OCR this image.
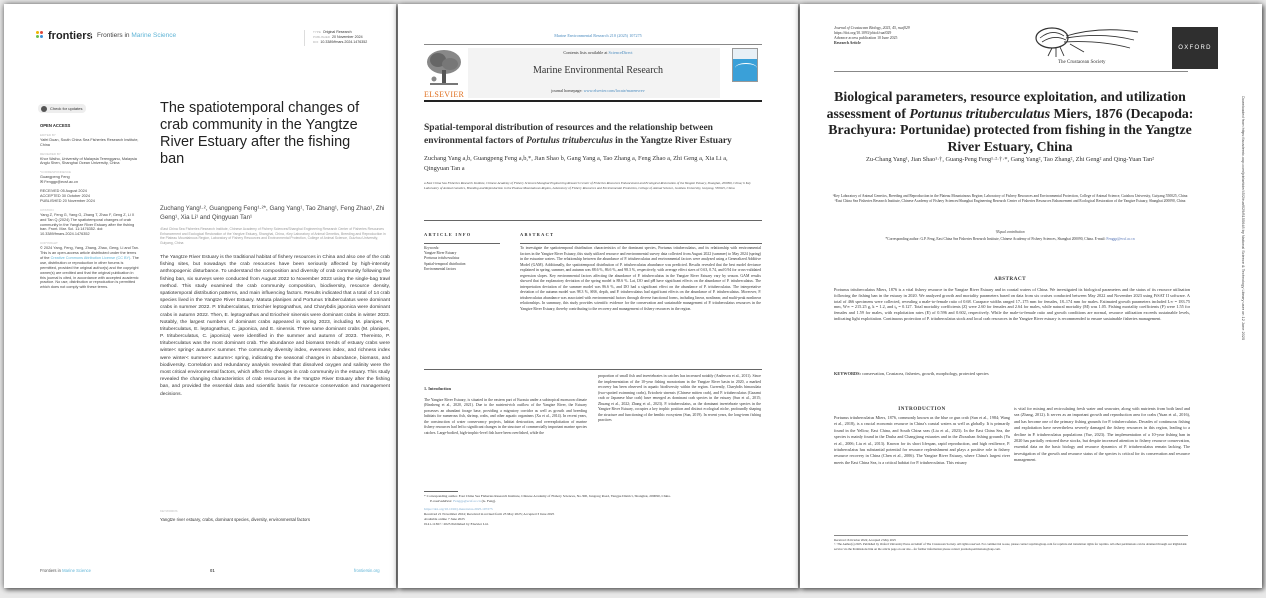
frontiers Frontiers in Marine Science	TYPE Original Research
PUBLISHED 20 November 2024
DOI 10.3389/fmars.2024.1476352
Check for updates
OPEN ACCESS
EDITED BY
Yafei Duan, South China Sea Fisheries Research Institute, China
REVIEWED BY
Khor Waiho, University of Malaysia Terengganu, Malaysia
Anglu Shen, Shanghai Ocean University, China
*CORRESPONDENCE
Guangpeng Feng
✉ Fenggp@ecsf.ac.cn
RECEIVED 05 August 2024
ACCEPTED 30 October 2024
PUBLISHED 20 November 2024
CITATION
Yang Z, Feng G, Yang G, Zhang T, Zhao F, Geng Z, Li X and Tan Q (2024) The spatiotemporal changes of crab community in the Yangtze River Estuary after the fishing ban. Front. Mar. Sci. 11:1476352. doi: 10.3389/fmars.2024.1476352
COPYRIGHT
© 2024 Yang, Feng, Yang, Zhang, Zhao, Geng, Li and Tan. This is an open-access article distributed under the terms of the Creative Commons Attribution License (CC BY). The use, distribution or reproduction in other forums is permitted, provided the original author(s) and the copyright owner(s) are credited and that the original publication in this journal is cited, in accordance with accepted academic practice. No use, distribution or reproduction is permitted which does not comply with these terms.
The spatiotemporal changes of crab community in the Yangtze River Estuary after the fishing ban
Zuchang Yang¹·², Guangpeng Feng¹·²*, Gang Yang¹, Tao Zhang¹, Feng Zhao¹, Zhi Geng¹, Xia Li¹ and Qingyuan Tan¹
¹East China Sea Fisheries Research Institute, Chinese Academy of Fishery Sciences/Shanghai Engineering Research Center of Fisheries Resources Enhancement and Ecological Restoration of the Yangtze Estuary, Shanghai, China, ²Key Laboratory of Animal Genetics, Breeding and Reproduction in the Plateau Mountainous Region, Laboratory of Fishery Resources and Environmental Protection, College of Animal Science, Guizhou University, Guiyang, China

The Yangtze River Estuary is the traditional habitat of fishery resources in China and also one of the crab fishing sites, but nowadays the crab resources have been seriously affected by high-intensity anthropogenic disturbance. To understand the composition and diversity of crab community following the fishing ban, six surveys were conducted from August 2022 to November 2023 using the single-bag trawl method. This study examined the crab community composition, biodiversity, resource density, spatiotemporal distribution patterns, and main influencing factors. Results indicated that a total of 14 crab species lived in the Yangtze River Estuary. Matuta planipes and Portunus trituberculatus were dominant crabs in summer 2022. P. trituberculatus, Eriochier leptognathus, and Charybdis japonica were dominant crabs in autumn 2022. Then, E. leptognathus and Eriocheir sinensis were dominant crabs in winter 2023. Notably, the largest numbers of dominant crabs appeared in spring 2023, including M. planipes, P. trituberculatus, E. leptognathus, C. japonica, and E. sinensis. Three same dominant crabs (M. planipes, P. trituberculatus, C. japonica) were identified in the summer and autumn of 2023. Thereinto, P. trituberculatus was the most dominant crab. The abundance and biomass trends of estuary crabs were winter< spring< autumn< summer. The community diversity index, evenness index, and richness index were winter< summer< autumn< spring, indicating the seasonal changes in abundance, biomass, and biodiversity. Correlation and redundancy analysis revealed that dissolved oxygen and salinity were the most critical environmental factors, which affect the changes in crab community in the estuary. This study revealed the changing characteristics of crab resources in the Yangtze River Estuary after the fishing ban, and provided the essential data and scientific basis for resource conservation and management decisions.

KEYWORDS
Yangtze river estuary, crabs, dominant species, diversity, environmental factors
Frontiers in Marine Science	01	frontiersin.org
Marine Environmental Research 210 (2025) 107275
ELSEVIER
Contents lists available at ScienceDirect
Marine Environmental Research
journal homepage: www.elsevier.com/locate/marenvrev
Spatial-temporal distribution of resources and the relationship between environmental factors of Portulus trituberculus in the Yangtze River Estuary
Zuchang Yang a,b, Guangpeng Feng a,b,*, Jian Shao b, Gang Yang a, Tao Zhang a, Feng Zhao a, Zhi Geng a, Xia Li a, Qingyuan Tan a
a East China Sea Fisheries Research Institute, Chinese Academy of Fishery Sciences/Shanghai Engineering Research Center of Fisheries Resources Enhancement and Ecological Restoration of the Yangtze Estuary, Shanghai, 200090, China; b Key Laboratory of Animal Genetics, Breeding and Reproduction in the Plateau Mountainous Region, Laboratory of Fishery Resources and Environmental Protection, College of Animal Science, Guizhou University, Guiyang, 550025, China
ARTICLE INFO
Keywords:
Yangtze River Estuary
Portunus trituberculatus
Spatial-temporal distribution
Environmental factors
ABSTRACT

To investigate the spatiotemporal distribution characteristics of the dominant species, Portunus trituberculatus, and its relationship with environmental factors in the Yangtze River Estuary, this study utilized resource and environmental survey data collected from August 2022 (summer) to May 2024 (spring) in the estuarine waters. The relationship between the abundance of P. trituberculatus and environmental factors were analyzed using a Generalized Additive Model (GAM). Additionally, the spatiotemporal distribution of P. trituberculatus abundance was predicted. Results revealed that the best model deviance explained in spring, summer, and autumn was 88.6 %, 86.6 %, and 98.3 %, respectively, with average effect sizes of 0.63, 0.74, and 0.94 for cross-validated regression slopes. Key environmental factors affecting the abundance of P. trituberculatus in the Yangtze River Estuary vary by season. GAM results showed that the explanatory deviation of the spring model is 88.6 %. Lat, DO and pH have significant effects on the abundance of P. trituberculatus. The interpretation deviation of the summer model was 86.6 %, and DO had a significant effect on the abundance of P. trituberculatus. The interpretative deviation of the autumn model was 98.3 %, SBS, depth, and P. trituberculatus had significant effects on the abundance of P. trituberculatus. Moreover, P. trituberculatus abundance was associated with environmental factors through diverse functional forms, including linear, nonlinear, and multi-peak nonlinear relationships. In summary, this study provides scientific evidence for the conservation and sustainable management of P. trituberculatus resources in the Yangtze River Estuary, thereby contributing to the recovery and management of fishery resources in the region.

1. Introduction
The Yangtze River Estuary, is situated in the eastern part of Eurasia under a subtropical monsoon climate (Binsheng et al., 2020, 2021). Due to the nutrient-rich outflow of the Yangtze River, the Estuary possesses an abundant forage base, providing a migratory corridor as well as growth and breeding habitats for numerous fish, shrimp, crabs, and other aquatic organisms (Xu et al., 2014). In recent years, the construction of water conservancy projects, habitat destruction, and overexploitation of marine fishery resources had led to significant changes in the structure of commercially important marine species catches. Large-bodied, high-trophic-level fish have been overfished, while the
proportion of small fish and invertebrates in catches has increased notably (Anderson et al., 2011). Since the implementation of the 10-year fishing moratorium in the Yangtze River basin in 2020, a marked recovery has been observed in aquatic biodiversity within the region. Currently, Charybdis bimaculata (two-spotted swimming crabs), Eriocheir sinensis (Chinese mitten crab), and P. trituberculatus (Gazami crab or Japanese blue crab) have emerged as dominant crab species in the estuary (Sun et al., 2015; Zhuang et al., 2022; Zhang et al., 2023). P. trituberculatus, as the dominant invertebrate species in the Yangtze River Estuary, occupies a key trophic position and distinct ecological niche, profoundly shaping the structure and functioning of the benthic ecosystem (Sun, 2019). In recent years, the long-term fishing practices
* Corresponding author. East China Sea Fisheries Research Institute, Chinese Academy of Fishery Sciences, No.300, Jungong Road, Yangpu District, Shanghai, 200090, China.
E-mail address: Fenggp@ecsf.ac.cn (G. Feng).
https://doi.org/10.1016/j.marenvres.2025.107275
Received 21 November 2024; Received in revised form 23 May 2025; Accepted 3 June 2025
Available online 7 June 2025
0141-1136/© 2025 Published by Elsevier Ltd.
Journal of Crustacean Biology, 2025, 45, ruaf029
https://doi.org/10.1093/jcbiol/ruaf029
Advance access publication 10 June 2025
Research Article
The Crustacean Society
OXFORD
Biological parameters, resource exploitation, and utilization assessment of Portunus trituberculatus Miers, 1876 (Decapoda: Brachyura: Portunidae) protected from fishing in the Yangtze River Estuary, China
Zu-Chang Yang¹, Jian Shao¹·†, Guang-Peng Feng¹·²·†·*, Gang Yang², Tao Zhang², Zhi Geng² and Qing-Yuan Tan²
¹Key Laboratory of Animal Genetics, Breeding and Reproduction in the Plateau Mountainous Region; Laboratory of Fishery Resources and Environmental Protection, College of Animal Science, Guizhou University, Guiyang 550025, China
²East China Sea Fisheries Research Institute, Chinese Academy of Fishery Sciences/Shanghai Engineering Research Center of Fisheries Resources Enhancement and Ecological Restoration of the Yangtze Estuary, Shanghai 200090, China
†Equal contribution
*Corresponding author: G.P. Feng, East China Sea Fisheries Research Institute, Chinese Academy of Fishery Sciences, Shanghai 200090, China. E-mail: Fenggp@ecsf.ac.cn
ABSTRACT

Portunus trituberculatus Miers, 1876 is a vital fishery resource in the Yangtze River Estuary and in coastal waters of China. We investigated its biological parameters and the status of its resource utilisation following the fishing ban in the estuary in 2020. We analyzed growth and mortality parameters based on data from six cruises conducted between May 2022 and November 2023 using FiSAT II software. A total of 466 specimens were collected, revealing a male-to-female ratio of 0.68. Carapace widths ranged 17–175 mm for females, 18–174 mm for males. Estimated growth parameters included L∞ = 183.75 mm, W∞ = 215.25 g, k = 1.2, and t₀ = 0.127. Total mortality coefficients (Z) were 2.60 for females and 2.64 for males, while natural mortality (M) was 1.05. Fishing mortality coefficients (F) were 1.55 for females and 1.59 for males, with exploitation rates (E) of 0.596 and 0.602, respectively. While the male-to-female ratio and growth conditions are normal, resource utilization exceeds sustainable levels, indicating light exploitation. Continuous protection of P. trituberculatus stock and local crab resources in the Yangtze River estuary is recommended to ensure sustainable fisheries management.

KEYWORDS: conservation, Crustacea, fisheries, growth, morphology, protected species
INTRODUCTION
Portunus trituberculatus Miers, 1876, commonly known as the blue or gun crab (Sun et al., 1984; Wang et al., 2018), is a crucial economic resource in China's coastal waters as well as globally. It is primarily found in the Yellow, East China, and South China seas (Liu et al., 2023). In the East China Sea, the species is mainly found in the Dasha and Changjiang estuaries and in the Zhoushan fishing grounds (Yu et al., 2006; Liu et al., 2013). Known for its short lifespan, rapid reproduction, and high resilience, P. trituberculatus has substantial potential for resource replenishment and plays a positive role in fishery resource recovery in China (Chen et al., 2006). The Yangtze River Estuary, where China's largest river meets the East China Sea, is a critical habitat for P. trituberculatus. This estuary
is vital for mixing and recirculating fresh water and seawater, along with nutrients from both land and sea (Zhang, 2012). It serves as an important growth and reproduction area for crabs (Yuan et al., 2016), and has become one of the primary fishing grounds for P. trituberculatus. Decades of continuous fishing and exploitation have nevertheless severely damaged the fishery resources in this region, leading to a decline in P. trituberculatus populations (Yue, 2023). The implementation of a 10-year fishing ban in 2020 has partially restored these stocks, but despite increased attention to fishery resource conservation, essential data on the basic biology and resource dynamics of P. trituberculatus remain lacking. The investigation of the growth and resource status of the species is critical for its conservation and resource management.
Received 16 October 2024; Accepted 2 May 2025
© The Author(s) 2025. Published by Oxford University Press on behalf of The Crustacean Society. All rights reserved. For commercial re-use, please contact reprints@oup.com for reprints and translation rights for reprints. All other permissions can be obtained through our RightsLink service via the Permissions link on the article page on our site—for further information please contact journals.permissions@oup.com.
Downloaded from https://academic.oup.com/jcb/article/45/2/ruaf029/8155648 by National Science & Technology Library user on 12 June 2025
